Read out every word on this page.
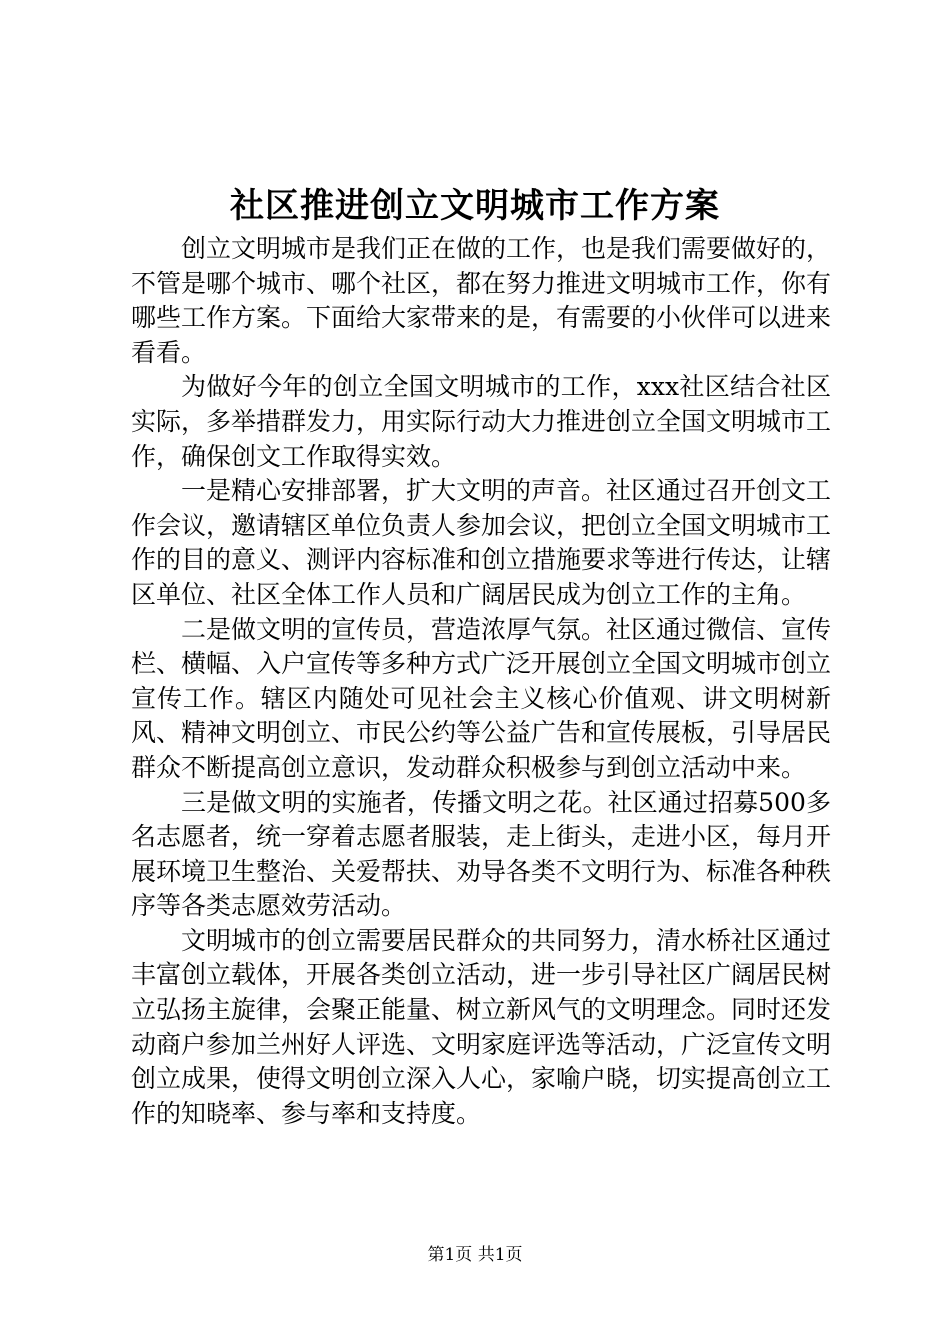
社区推进创立文明城市工作方案

创立文明城市是我们正在做的工作，也是我们需要做好的，不管是哪个城市、哪个社区，都在努力推进文明城市工作，你有哪些工作方案。下面给大家带来的是，有需要的小伙伴可以进来看看。

为做好今年的创立全国文明城市的工作，xxx社区结合社区实际，多举措群发力，用实际行动大力推进创立全国文明城市工作，确保创文工作取得实效。

一是精心安排部署，扩大文明的声音。社区通过召开创文工作会议，邀请辖区单位负责人参加会议，把创立全国文明城市工作的目的意义、测评内容标准和创立措施要求等进行传达，让辖区单位、社区全体工作人员和广阔居民成为创立工作的主角。

二是做文明的宣传员，营造浓厚气氛。社区通过微信、宣传栏、横幅、入户宣传等多种方式广泛开展创立全国文明城市创立宣传工作。辖区内随处可见社会主义核心价值观、讲文明树新风、精神文明创立、市民公约等公益广告和宣传展板，引导居民群众不断提高创立意识，发动群众积极参与到创立活动中来。

三是做文明的实施者，传播文明之花。社区通过招募500多名志愿者，统一穿着志愿者服装，走上街头，走进小区，每月开展环境卫生整治、关爱帮扶、劝导各类不文明行为、标准各种秩序等各类志愿效劳活动。

文明城市的创立需要居民群众的共同努力，清水桥社区通过丰富创立载体，开展各类创立活动，进一步引导社区广阔居民树立弘扬主旋律，会聚正能量、树立新风气的文明理念。同时还发动商户参加兰州好人评选、文明家庭评选等活动，广泛宣传文明创立成果，使得文明创立深入人心，家喻户晓，切实提高创立工作的知晓率、参与率和支持度。

第1页 共1页
